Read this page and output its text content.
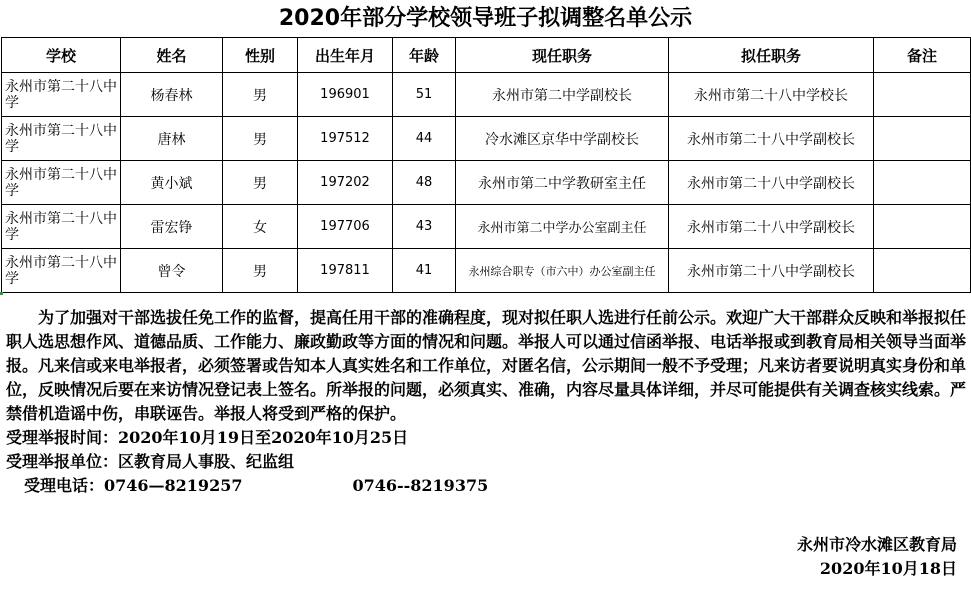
2020年部分学校领导班子拟调整名单公示
学校	姓名	性别	出生年月	年龄	现任职务	拟任职务	备注
永州市第二十八中学	杨春林	男	196901	51	永州市第二中学副校长	永州市第二十八中学校长	
永州市第二十八中学	唐林	男	197512	44	冷水滩区京华中学副校长	永州市第二十八中学副校长	
永州市第二十八中学	黄小斌	男	197202	48	永州市第二中学教研室主任	永州市第二十八中学副校长	
永州市第二十八中学	雷宏铮	女	197706	43	永州市第二中学办公室副主任	永州市第二十八中学副校长	
永州市第二十八中学	曾令	男	197811	41	永州综合职专（市六中）办公室副主任	永州市第二十八中学副校长	

为了加强对干部选拔任免工作的监督，提高任用干部的准确程度，现对拟任职人选进行任前公示。欢迎广大干部群众反映和举报拟任职人选思想作风、道德品质、工作能力、廉政勤政等方面的情况和问题。举报人可以通过信函举报、电话举报或到教育局相关领导当面举报。凡来信或来电举报者，必须签署或告知本人真实姓名和工作单位，对匿名信，公示期间一般不予受理；凡来访者要说明真实身份和单位，反映情况后要在来访情况登记表上签名。所举报的问题，必须真实、准确，内容尽量具体详细，并尽可能提供有关调查核实线索。严禁借机造谣中伤，串联诬告。举报人将受到严格的保护。

受理举报时间：2020年10月19日至2020年10月25日

受理举报单位：区教育局人事股、纪监组

受理电话：0746—8219257	0746--8219375

永州市冷水滩区教育局
2020年10月18日
